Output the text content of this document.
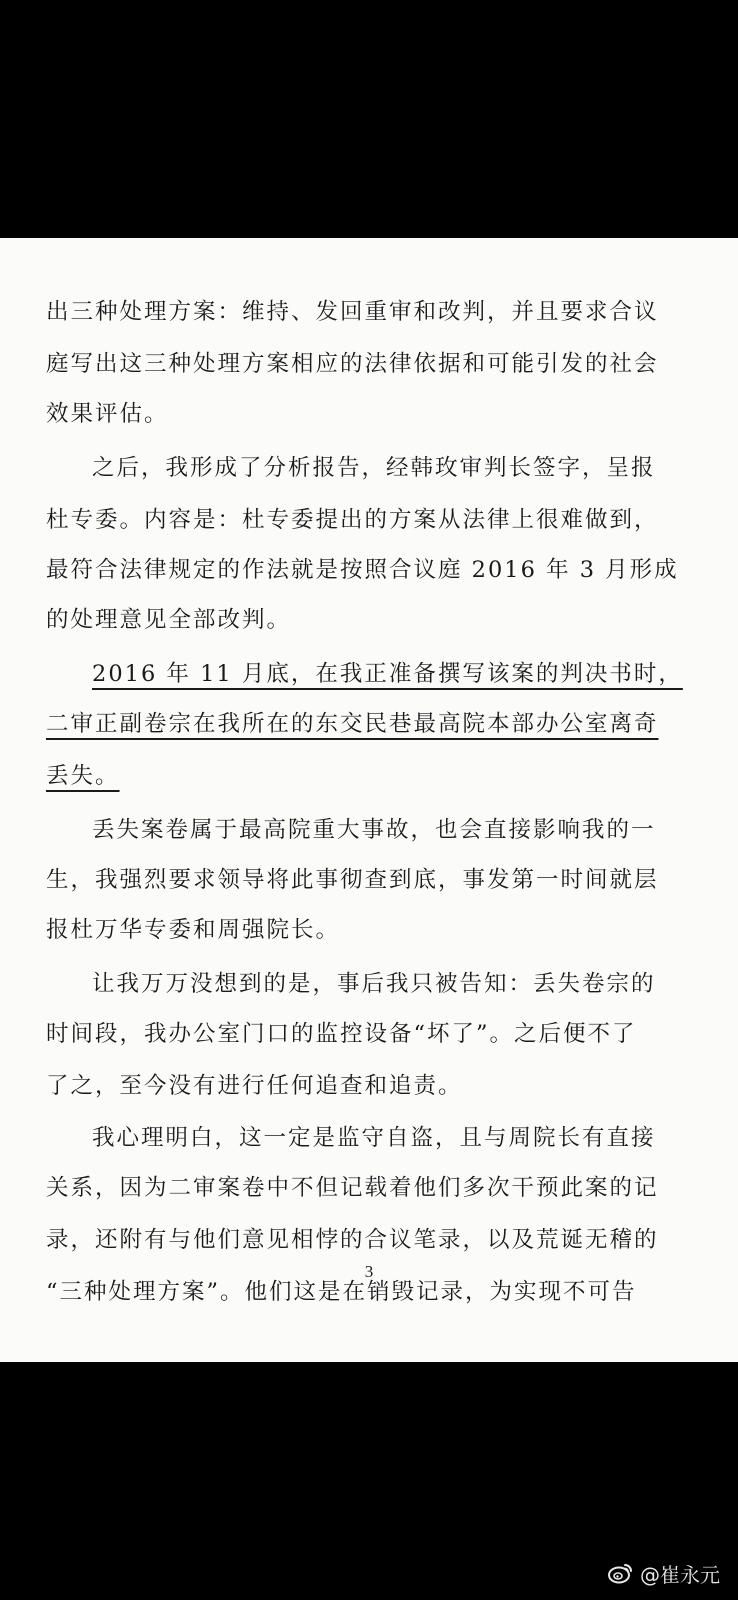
出三种处理方案：维持、发回重审和改判，并且要求合议
庭写出这三种处理方案相应的法律依据和可能引发的社会
效果评估。
之后，我形成了分析报告，经韩玫审判长签字，呈报
杜专委。内容是：杜专委提出的方案从法律上很难做到，
最符合法律规定的作法就是按照合议庭 2016 年 3 月形成
的处理意见全部改判。
2016 年 11 月底，在我正准备撰写该案的判决书时，
二审正副卷宗在我所在的东交民巷最高院本部办公室离奇
丢失。
丢失案卷属于最高院重大事故，也会直接影响我的一
生，我强烈要求领导将此事彻查到底，事发第一时间就层
报杜万华专委和周强院长。
让我万万没想到的是，事后我只被告知：丢失卷宗的
时间段，我办公室门口的监控设备“坏了”。之后便不了
了之，至今没有进行任何追查和追责。
我心理明白，这一定是监守自盗，且与周院长有直接
关系，因为二审案卷中不但记载着他们多次干预此案的记
录，还附有与他们意见相悖的合议笔录，以及荒诞无稽的
“三种处理方案”。他们这是在销毁记录，为实现不可告
3
@崔永元
